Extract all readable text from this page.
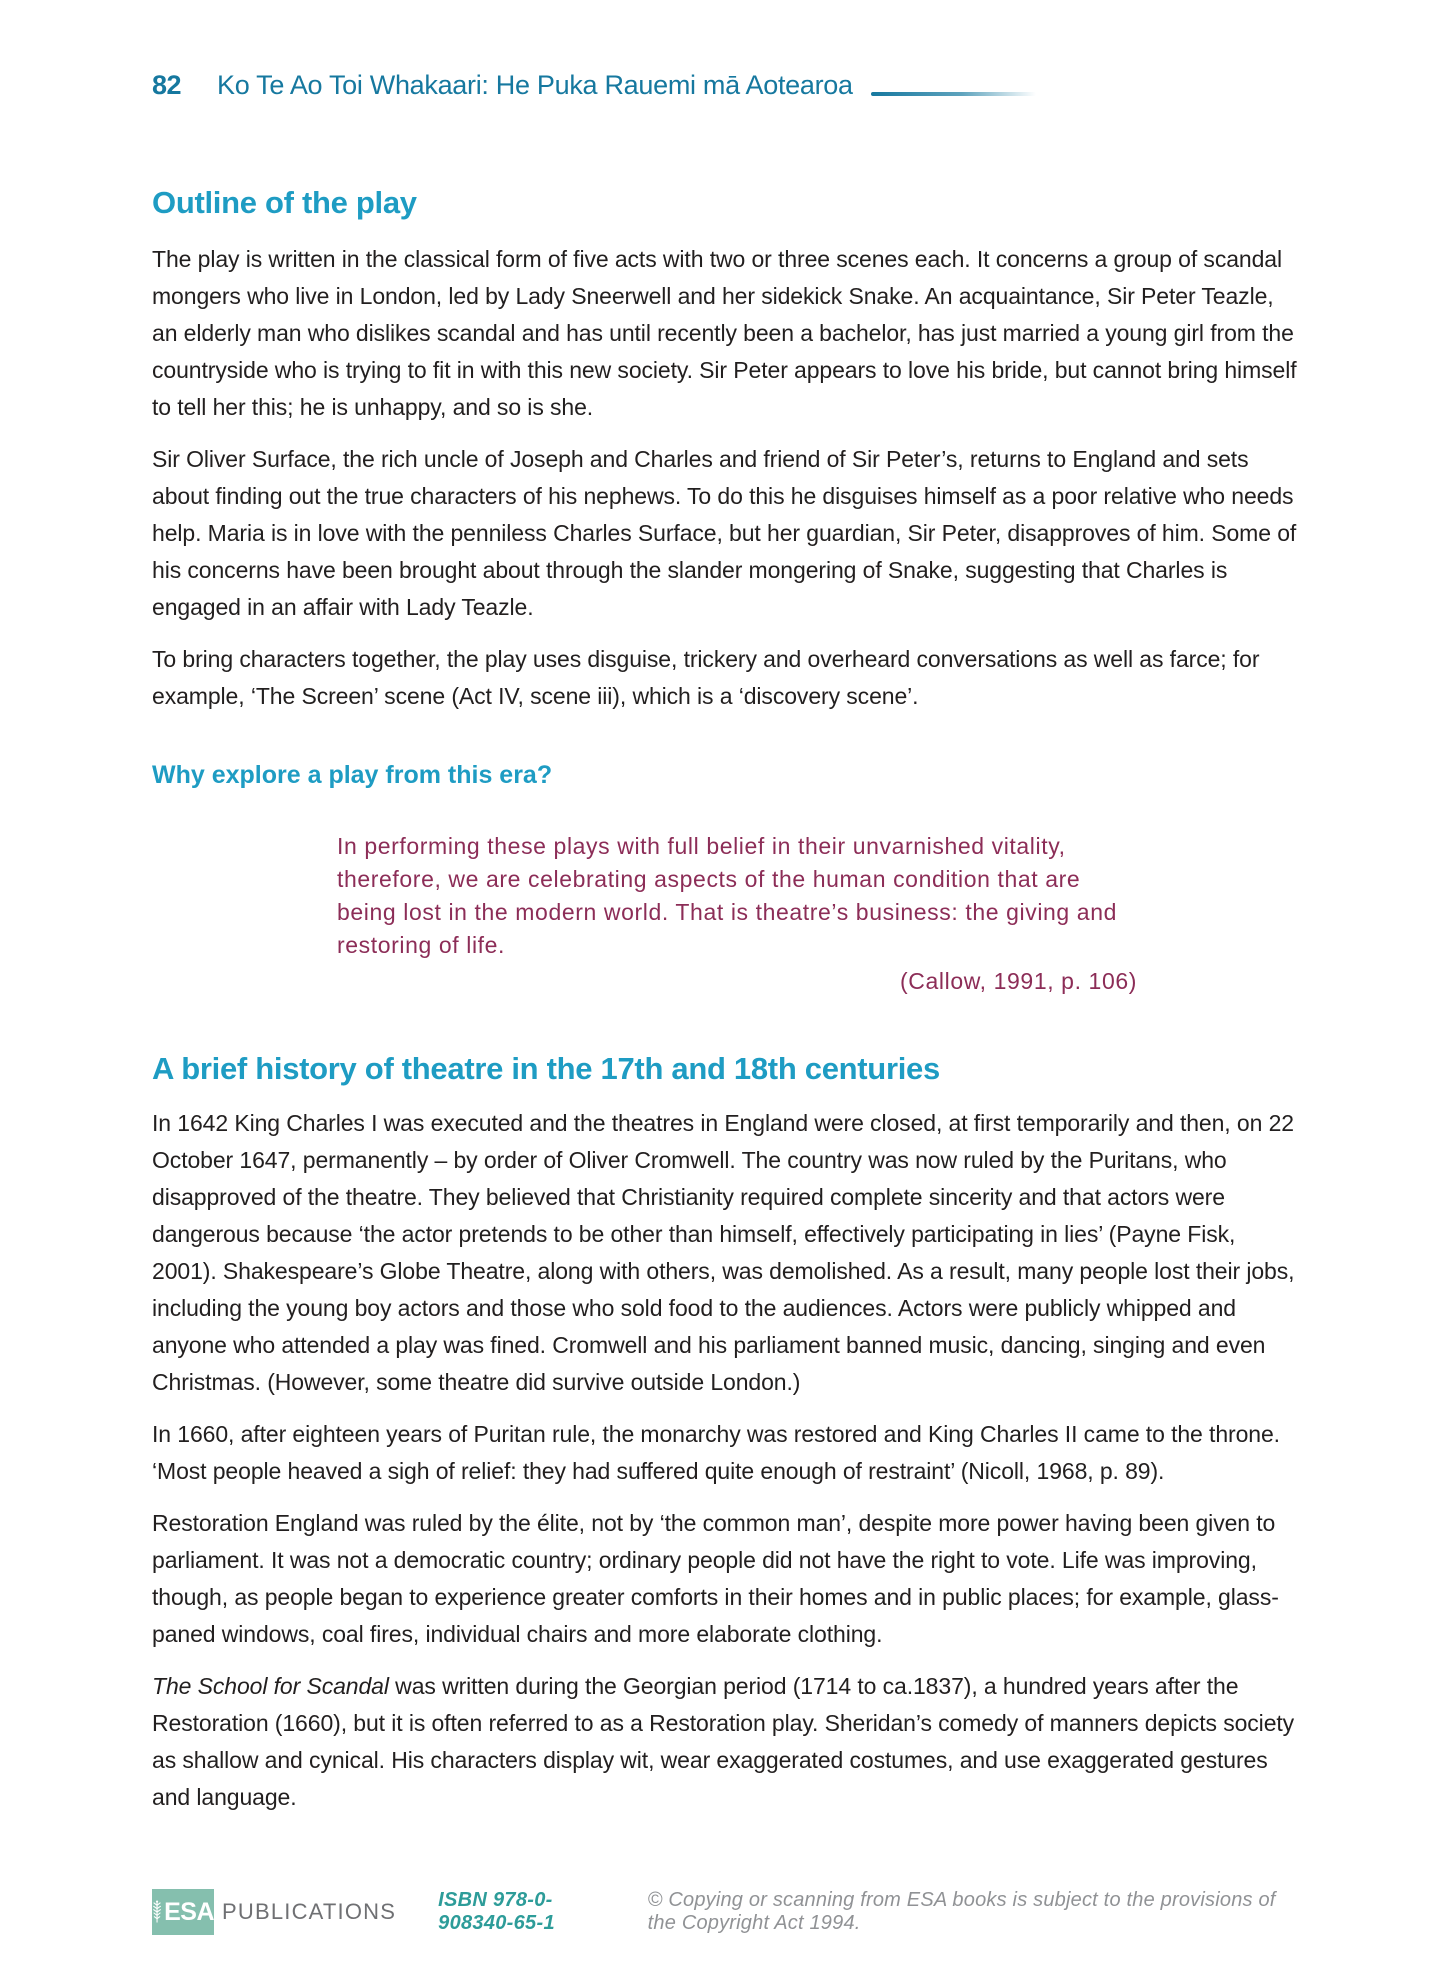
82 Ko Te Ao Toi Whakaari: He Puka Rauemi mā Aotearoa
Outline of the play

The play is written in the classical form of five acts with two or three scenes each. It concerns a group of scandal mongers who live in London, led by Lady Sneerwell and her sidekick Snake. An acquaintance, Sir Peter Teazle, an elderly man who dislikes scandal and has until recently been a bachelor, has just married a young girl from the countryside who is trying to fit in with this new society. Sir Peter appears to love his bride, but cannot bring himself to tell her this; he is unhappy, and so is she.

Sir Oliver Surface, the rich uncle of Joseph and Charles and friend of Sir Peter’s, returns to England and sets about finding out the true characters of his nephews. To do this he disguises himself as a poor relative who needs help. Maria is in love with the penniless Charles Surface, but her guardian, Sir Peter, disapproves of him. Some of his concerns have been brought about through the slander mongering of Snake, suggesting that Charles is engaged in an affair with Lady Teazle.

To bring characters together, the play uses disguise, trickery and overheard conversations as well as farce; for example, ‘The Screen’ scene (Act IV, scene iii), which is a ‘discovery scene’.

Why explore a play from this era?
In performing these plays with full belief in their unvarnished vitality, therefore, we are celebrating aspects of the human condition that are being lost in the modern world. That is theatre’s business: the giving and restoring of life.
(Callow, 1991, p. 106)
A brief history of theatre in the 17th and 18th centuries

In 1642 King Charles I was executed and the theatres in England were closed, at first temporarily and then, on 22 October 1647, permanently – by order of Oliver Cromwell. The country was now ruled by the Puritans, who disapproved of the theatre. They believed that Christianity required complete sincerity and that actors were dangerous because ‘the actor pretends to be other than himself, effectively participating in lies’ (Payne Fisk, 2001). Shakespeare’s Globe Theatre, along with others, was demolished. As a result, many people lost their jobs, including the young boy actors and those who sold food to the audiences. Actors were publicly whipped and anyone who attended a play was fined. Cromwell and his parliament banned music, dancing, singing and even Christmas. (However, some theatre did survive outside London.)

In 1660, after eighteen years of Puritan rule, the monarchy was restored and King Charles II came to the throne. ‘Most people heaved a sigh of relief: they had suffered quite enough of restraint’ (Nicoll, 1968, p. 89).

Restoration England was ruled by the élite, not by ‘the common man’, despite more power having been given to parliament. It was not a democratic country; ordinary people did not have the right to vote. Life was improving, though, as people began to experience greater comforts in their homes and in public places; for example, glass-paned windows, coal fires, individual chairs and more elaborate clothing.

The School for Scandal was written during the Georgian period (1714 to ca.1837), a hundred years after the Restoration (1660), but it is often referred to as a Restoration play. Sheridan’s comedy of manners depicts society as shallow and cynical. His characters display wit, wear exaggerated costumes, and use exaggerated gestures and language.

ESA PUBLICATIONS ISBN 978-0-908340-65-1
© Copying or scanning from ESA books is subject to the provisions of the Copyright Act 1994.
